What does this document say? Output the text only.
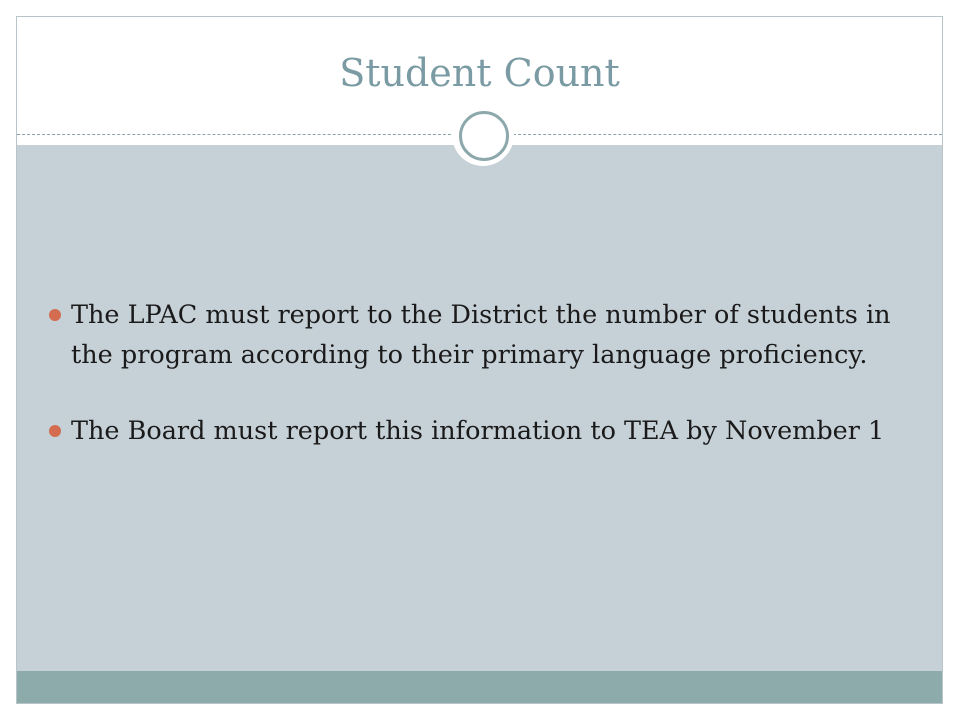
Student Count
The LPAC must report to the District the number of students in the program according to their primary language proficiency.
The Board must report this information to TEA by November 1
